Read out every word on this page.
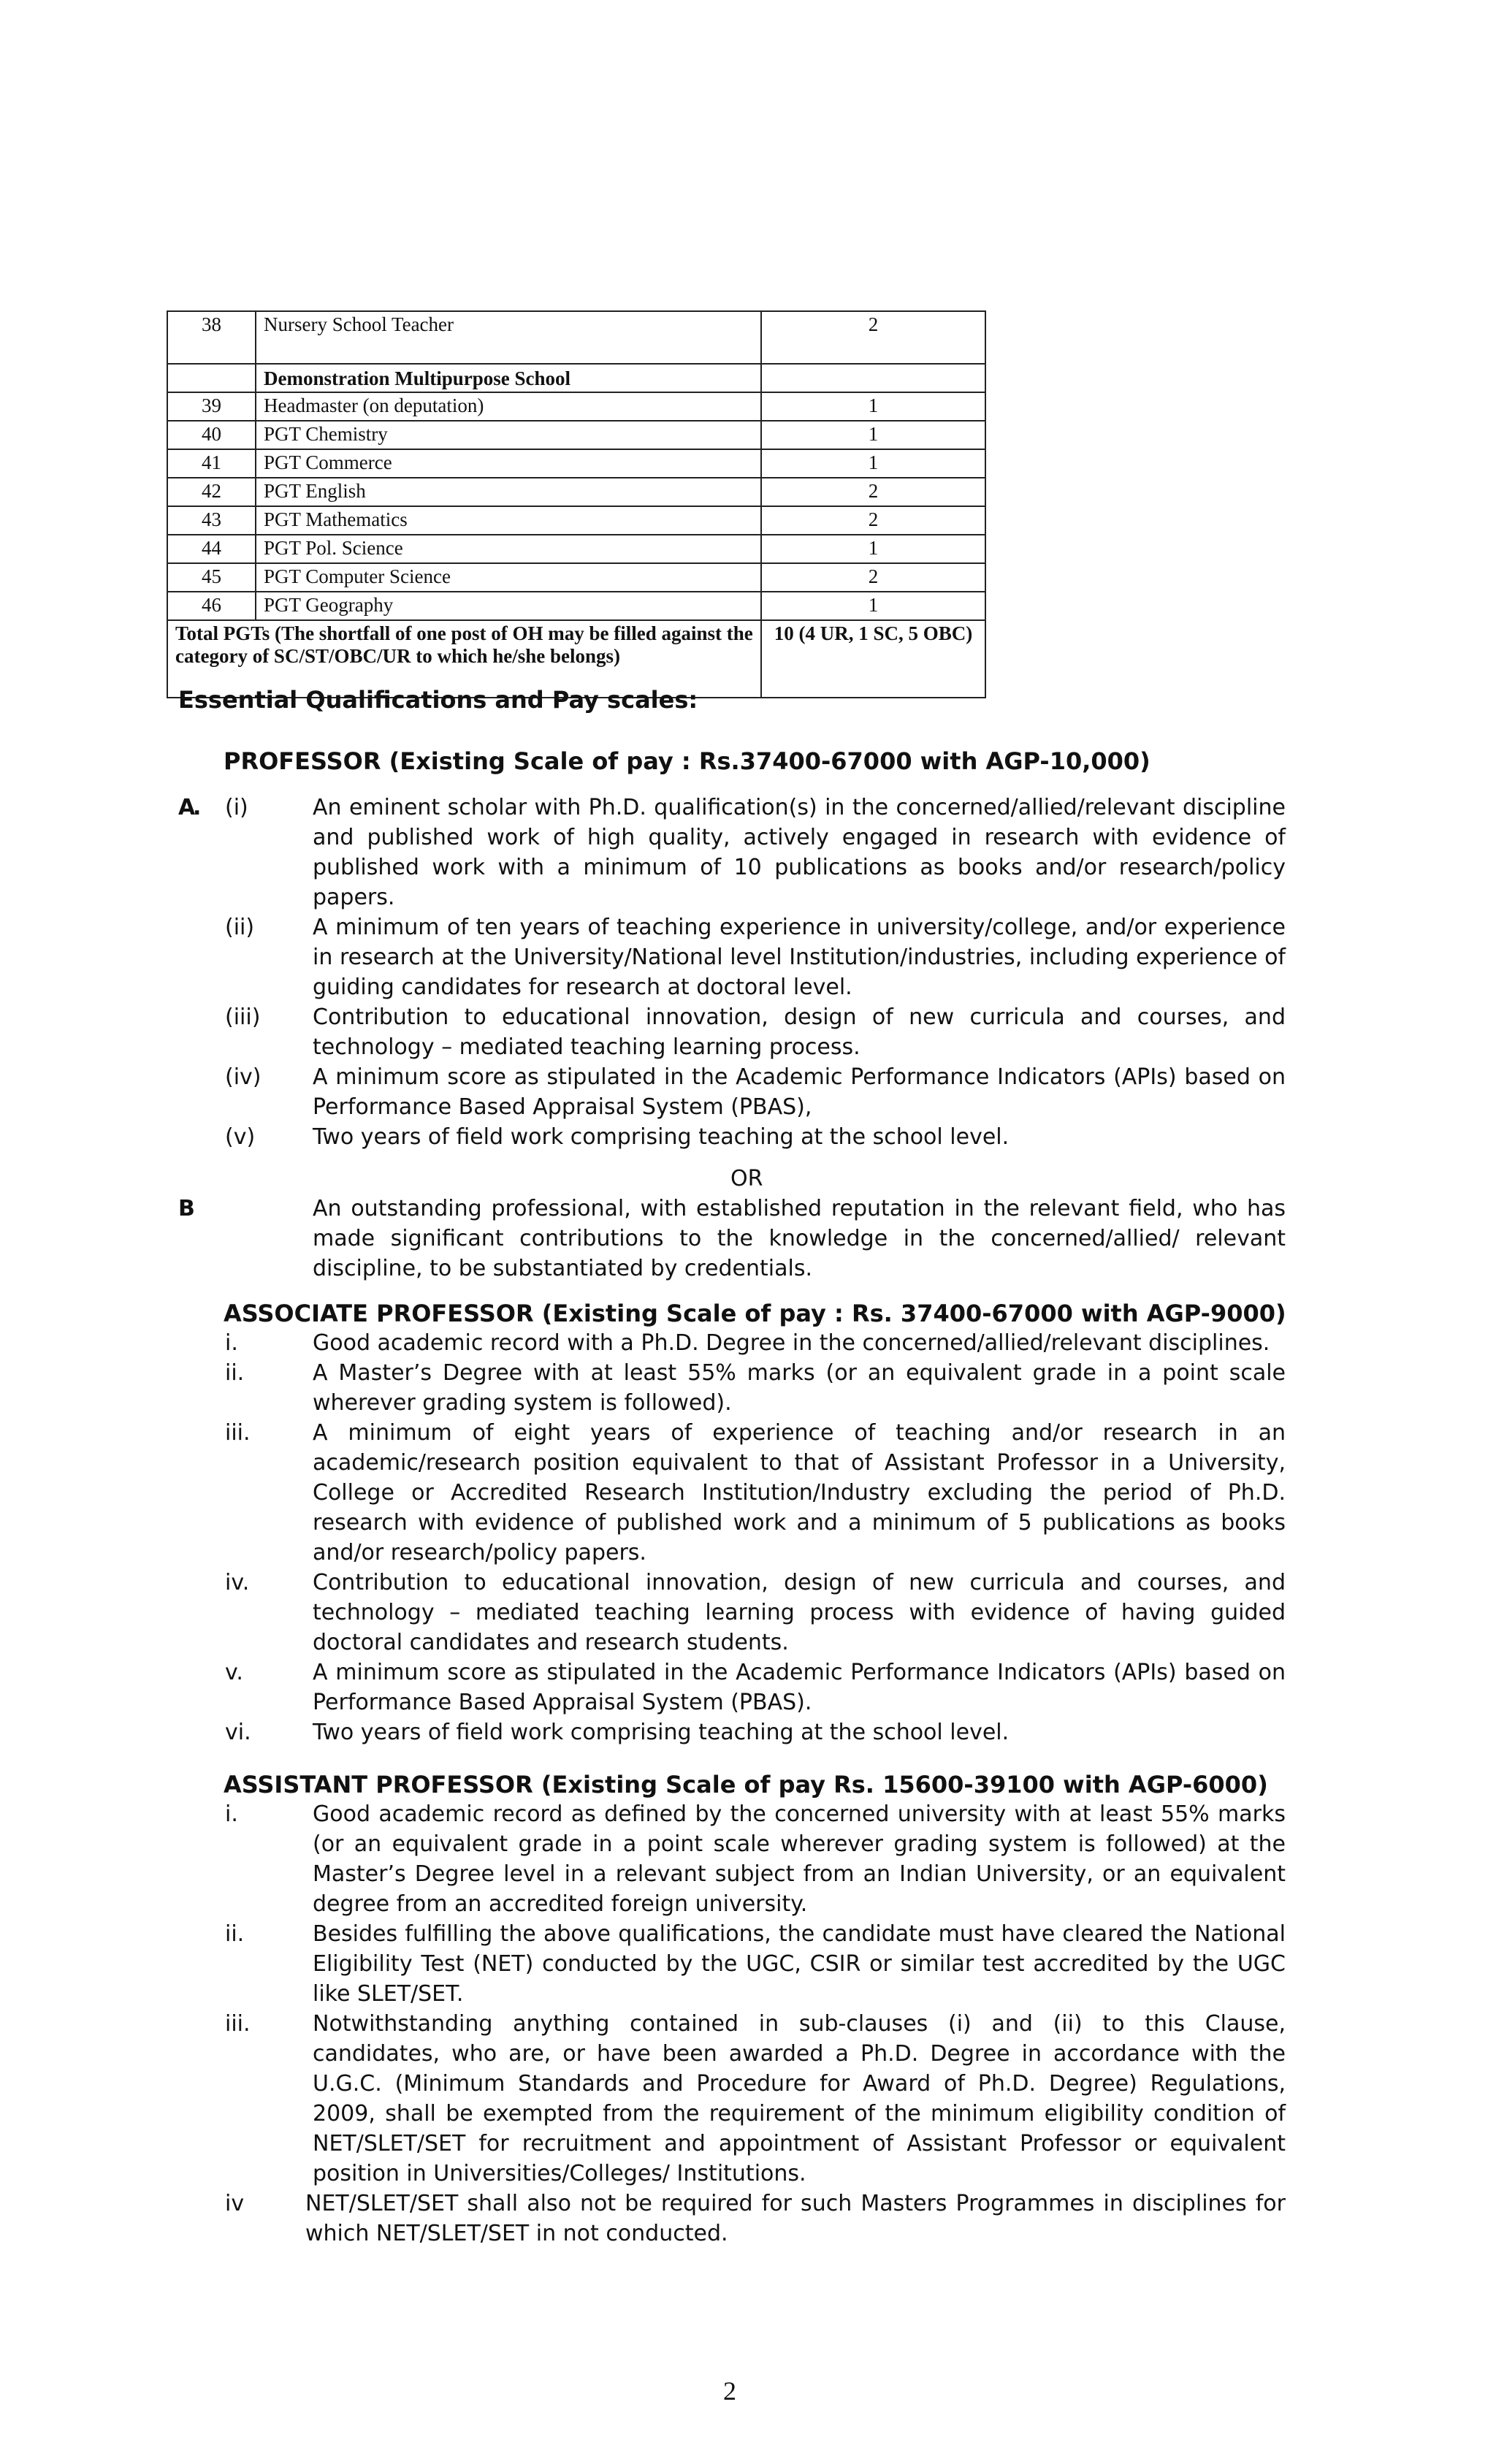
38	Nursery School Teacher	2
	Demonstration Multipurpose School	
39	Headmaster (on deputation)	1
40	PGT Chemistry	1
41	PGT Commerce	1
42	PGT English	2
43	PGT Mathematics	2
44	PGT Pol. Science	1
45	PGT Computer Science	2
46	PGT Geography	1
Total PGTs (The shortfall of one post of OH may be filled against the category of SC/ST/OBC/UR to which he/she belongs)		10 (4 UR, 1 SC, 5 OBC)
Essential Qualifications and Pay scales:
PROFESSOR (Existing Scale of pay : Rs.37400-67000 with AGP-10,000)
A
. (i)	An eminent scholar with Ph.D. qualification(s) in the concerned/allied/relevant discipline and published work of high quality, actively engaged in research with evidence of published work with a minimum of 10 publications as books and/or research/policy papers.
(ii)	A minimum of ten years of teaching experience in university/college, and/or experience in research at the University/National level Institution/industries, including experience of guiding candidates for research at doctoral level.
(iii) Contribution to educational innovation, design of new curricula and courses, and technology – mediated teaching learning process.
(iv) A minimum score as stipulated in the Academic Performance Indicators (APIs) based on Performance Based Appraisal System (PBAS),
(v)	Two years of field work comprising teaching at the school level.
OR
B	An outstanding professional, with established reputation in the relevant field, who has made significant contributions to the knowledge in the concerned/allied/ relevant discipline, to be substantiated by credentials.
ASSOCIATE PROFESSOR (Existing Scale of pay : Rs. 37400-67000 with AGP-9000)
i.	Good academic record with a Ph.D. Degree in the concerned/allied/relevant disciplines.
ii.	A Master’s Degree with at least 55% marks (or an equivalent grade in a point scale wherever grading system is followed).
iii.	A minimum of eight years of experience of teaching and/or research in an academic/research position equivalent to that of Assistant Professor in a University, College or Accredited Research Institution/Industry excluding the period of Ph.D. research with evidence of published work and a minimum of 5 publications as books and/or research/policy papers.
iv.	Contribution to educational innovation, design of new curricula and courses, and technology – mediated teaching learning process with evidence of having guided doctoral candidates and research students.
v.	A minimum score as stipulated in the Academic Performance Indicators (APIs) based on Performance Based Appraisal System (PBAS).
vi.	Two years of field work comprising teaching at the school level.
ASSISTANT PROFESSOR (Existing Scale of pay Rs. 15600-39100 with AGP-6000)
i.	Good academic record as defined by the concerned university with at least 55% marks (or an equivalent grade in a point scale wherever grading system is followed) at the Master’s Degree level in a relevant subject from an Indian University, or an equivalent degree from an accredited foreign university.
ii.	Besides fulfilling the above qualifications, the candidate must have cleared the National Eligibility Test (NET) conducted by the UGC, CSIR or similar test accredited by the UGC like SLET/SET.
iii.	Notwithstanding anything contained in sub-clauses (i) and (ii) to this Clause, candidates, who are, or have been awarded a Ph.D. Degree in accordance with the U.G.C. (Minimum Standards and Procedure for Award of Ph.D. Degree) Regulations, 2009, shall be exempted from the requirement of the minimum eligibility condition of NET/SLET/SET for recruitment and appointment of Assistant Professor or equivalent position in Universities/Colleges/ Institutions.
iv	NET/SLET/SET shall also not be required for such Masters Programmes in disciplines for which NET/SLET/SET in not conducted.
2
